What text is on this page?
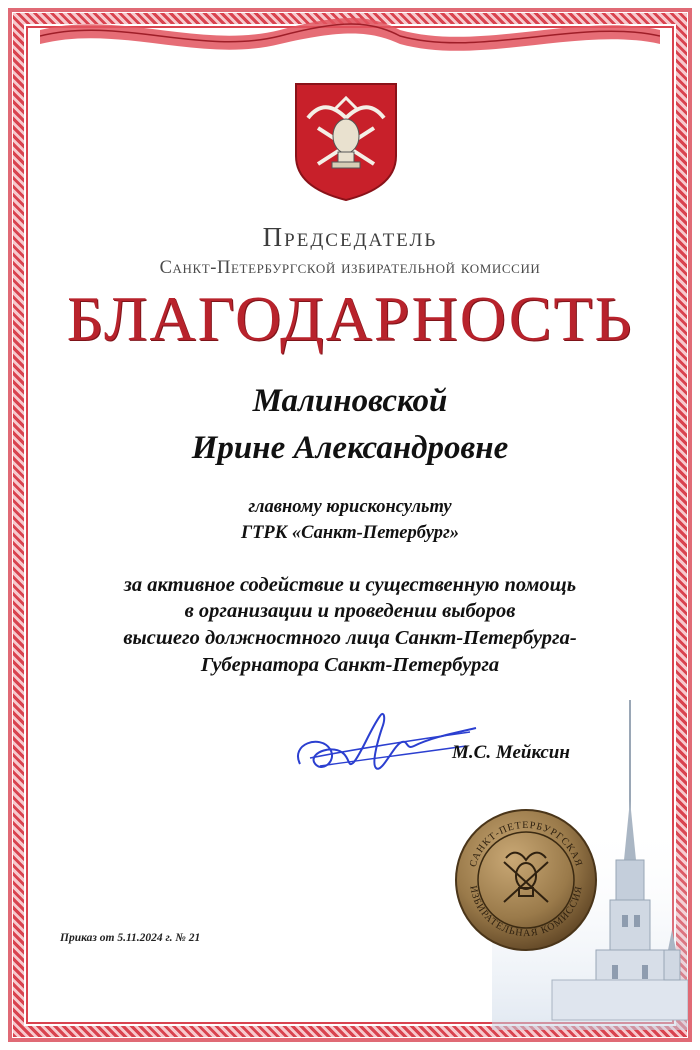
Председатель
Санкт-Петербургской избирательной комиссии
БЛАГОДАРНОСТЬ
Малиновской
Ирине Александровне
главному юрисконсульту
ГТРК «Санкт-Петербург»
за активное содействие и существенную помощь
в организации и проведении выборов
высшего должностного лица Санкт-Петербурга-
Губернатора Санкт-Петербурга
М.С. Мейксин
САНКТ-ПЕТЕРБУРГСКАЯ
ИЗБИРАТЕЛЬНАЯ КОМИССИЯ
Приказ от 5.11.2024 г. № 21
